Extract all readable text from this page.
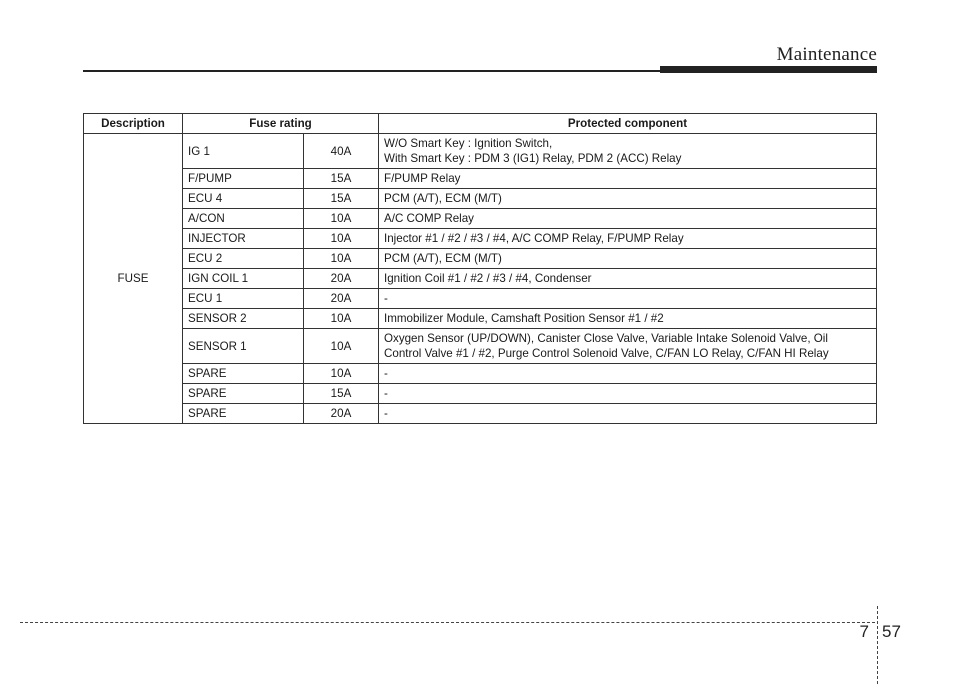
Maintenance
Description	Fuse rating		Protected component
FUSE	IG 1	40A	W/O Smart Key : Ignition Switch,
With Smart Key : PDM 3 (IG1) Relay, PDM 2 (ACC) Relay

	F/PUMP	15A	F/PUMP Relay

	ECU 4	15A	PCM (A/T), ECM (M/T)

	A/CON	10A	A/C COMP Relay

	INJECTOR	10A	Injector #1 / #2 / #3 / #4, A/C COMP Relay, F/PUMP Relay

	ECU 2	10A	PCM (A/T), ECM (M/T)

	IGN COIL 1	20A	Ignition Coil #1 / #2 / #3 / #4, Condenser

	ECU 1	20A	-

	SENSOR 2	10A	Immobilizer Module, Camshaft Position Sensor #1 / #2

	SENSOR 1	10A	Oxygen Sensor (UP/DOWN), Canister Close Valve, Variable Intake Solenoid Valve, Oil
Control Valve #1 / #2, Purge Control Solenoid Valve, C/FAN LO Relay, C/FAN HI Relay

	SPARE	10A	-

	SPARE	15A	-

	SPARE	20A	-
7 57
